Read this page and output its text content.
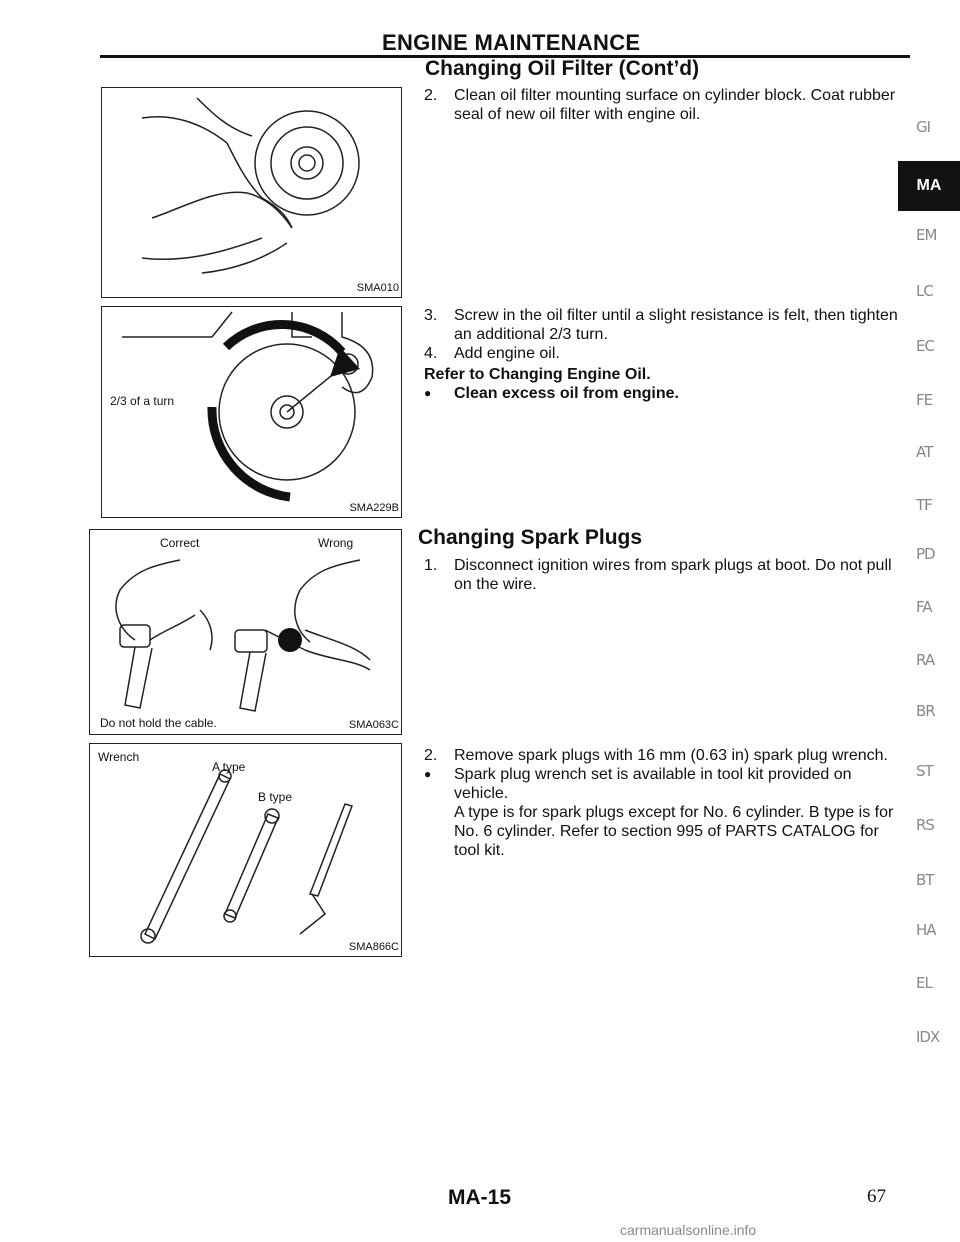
ENGINE MAINTENANCE
Changing Oil Filter (Cont’d)
2. Clean oil filter mounting surface on cylinder block. Coat rubber
seal of new oil filter with engine oil.
3. Screw in the oil filter until a slight resistance is felt, then tighten
an additional 2/3 turn.
4. Add engine oil.
Refer to Changing Engine Oil.
● Clean excess oil from engine.
Changing Spark Plugs
1. Disconnect ignition wires from spark plugs at boot. Do not pull
on the wire.
2. Remove spark plugs with 16 mm (0.63 in) spark plug wrench.
● Spark plug wrench set is available in tool kit provided on
vehicle.
A type is for spark plugs except for No. 6 cylinder. B type is for
No. 6 cylinder. Refer to section 995 of PARTS CATALOG for
tool kit.
SMA010
2/3 of a turn
SMA229B
Correct	Wrong
Do not hold the cable.	SMA063C
Wrench
A type
B type
SMA866C
GI
MA
EM
LC
EC
FE
AT
TF
PD
FA
RA
BR
ST
RS
BT
HA
EL
IDX
MA-15	67
carmanualsonline.info
